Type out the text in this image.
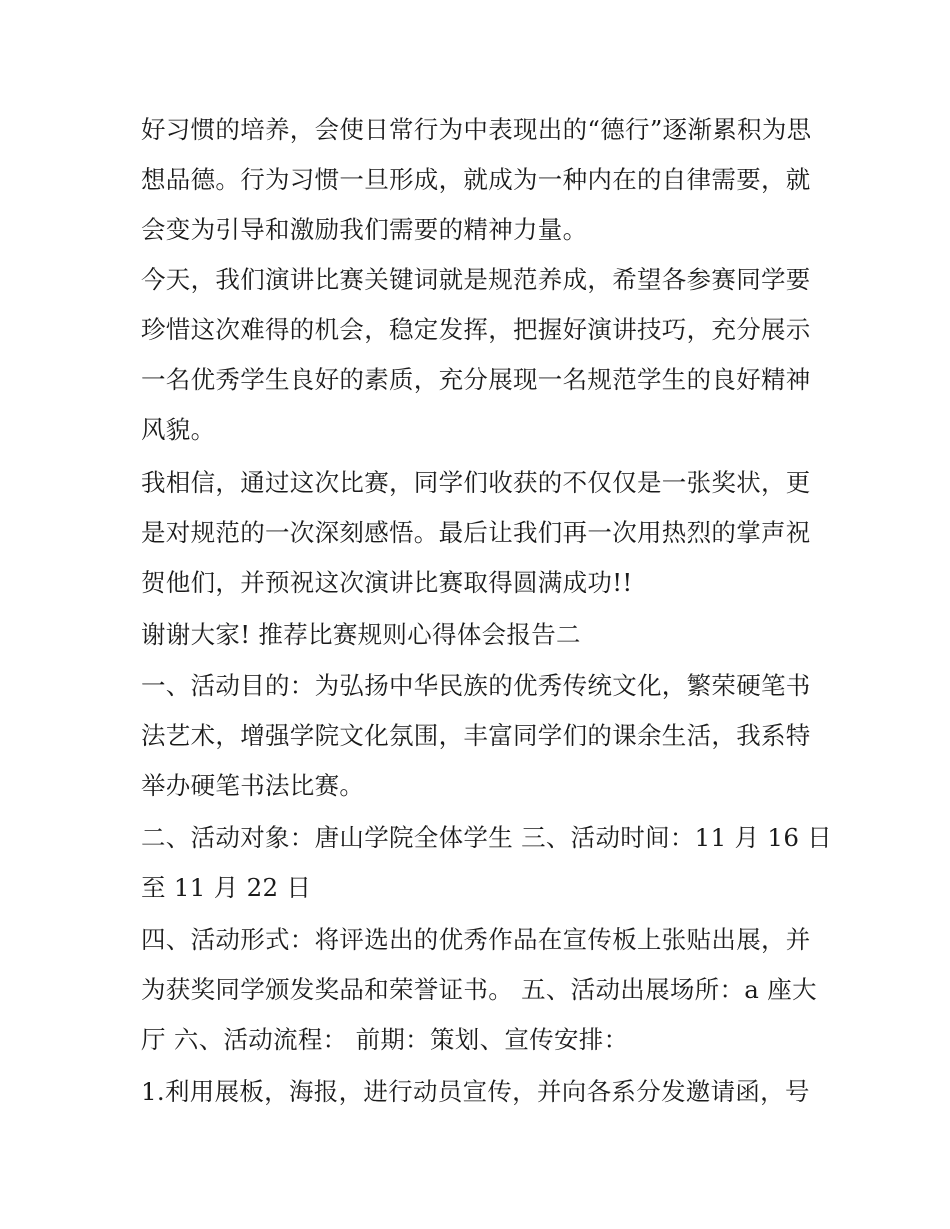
好习惯的培养，会使日常行为中表现出的“德行”逐渐累积为思
想品德。行为习惯一旦形成，就成为一种内在的自律需要，就
会变为引导和激励我们需要的精神力量。
今天，我们演讲比赛关键词就是规范养成，希望各参赛同学要
珍惜这次难得的机会，稳定发挥，把握好演讲技巧，充分展示
一名优秀学生良好的素质，充分展现一名规范学生的良好精神
风貌。
我相信，通过这次比赛，同学们收获的不仅仅是一张奖状，更
是对规范的一次深刻感悟。最后让我们再一次用热烈的掌声祝
贺他们，并预祝这次演讲比赛取得圆满成功!!
谢谢大家! 推荐比赛规则心得体会报告二
一、活动目的：为弘扬中华民族的优秀传统文化，繁荣硬笔书
法艺术，增强学院文化氛围，丰富同学们的课余生活，我系特
举办硬笔书法比赛。
二、活动对象：唐山学院全体学生 三、活动时间：11 月 16 日
至 11 月 22 日
四、活动形式：将评选出的优秀作品在宣传板上张贴出展，并
为获奖同学颁发奖品和荣誉证书。 五、活动出展场所：a 座大
厅 六、活动流程： 前期：策划、宣传安排：
1.利用展板，海报，进行动员宣传，并向各系分发邀请函，号
